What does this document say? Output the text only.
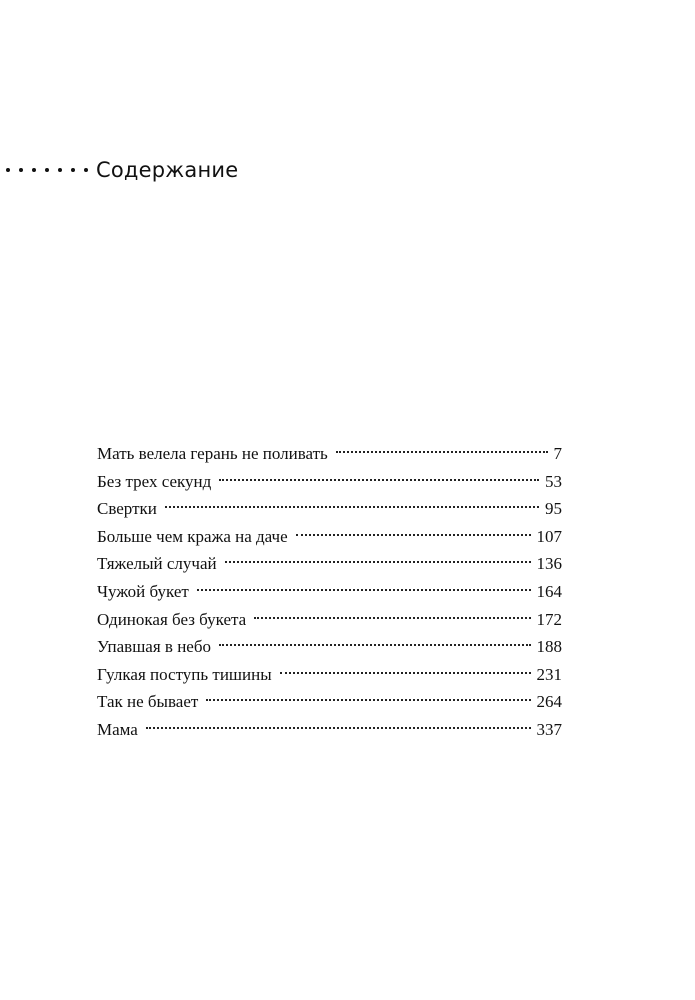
Содержание
Мать велела герань не поливать	7
Без трех секунд	53
Свертки	95
Больше чем кража на даче	107
Тяжелый случай	136
Чужой букет	164
Одинокая без букета	172
Упавшая в небо	188
Гулкая поступь тишины	231
Так не бывает	264
Мама	337
